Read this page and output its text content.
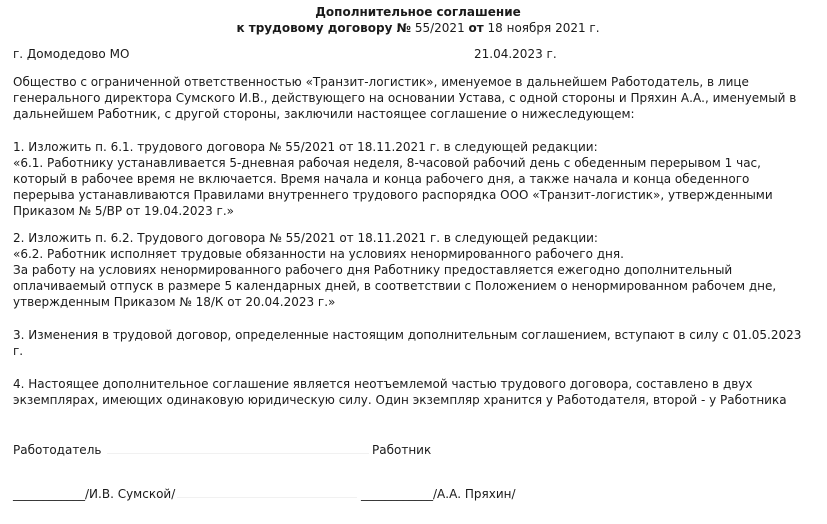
Дополнительное соглашение
к трудовому договору № 55/2021 от 18 ноября 2021 г.
г. Домодедово МО	21.04.2023 г.

Общество с ограниченной ответственностью «Транзит-логистик», именуемое в дальнейшем Работодатель, в лице генерального директора Сумского И.В., действующего на основании Устава, с одной стороны и Пряхин А.А., именуемый в дальнейшем Работник, с другой стороны, заключили настоящее соглашение о нижеследующем:

1. Изложить п. 6.1. трудового договора № 55/2021 от 18.11.2021 г. в следующей редакции:

«6.1. Работнику устанавливается 5-дневная рабочая неделя, 8-часовой рабочий день с обеденным перерывом 1 час, который в рабочее время не включается. Время начала и конца рабочего дня, а также начала и конца обеденного перерыва устанавливаются Правилами внутреннего трудового распорядка ООО «Транзит-логистик», утвержденными Приказом № 5/ВР от 19.04.2023 г.»

2. Изложить п. 6.2. Трудового договора № 55/2021 от 18.11.2021 г. в следующей редакции:

«6.2. Работник исполняет трудовые обязанности на условиях ненормированного рабочего дня.

За работу на условиях ненормированного рабочего дня Работнику предоставляется ежегодно дополнительный оплачиваемый отпуск в размере 5 календарных дней, в соответствии с Положением о ненормированном рабочем дне, утвержденным Приказом № 18/К от 20.04.2023 г.»

3. Изменения в трудовой договор, определенные настоящим дополнительным соглашением, вступают в силу с 01.05.2023 г.

4. Настоящее дополнительное соглашение является неотъемлемой частью трудового договора, составлено в двух экземплярах, имеющих одинаковую юридическую силу. Один экземпляр хранится у Работодателя, второй - у Работника

Работодатель	Работник
____________/И.В. Сумской/	____________/А.А. Пряхин/
